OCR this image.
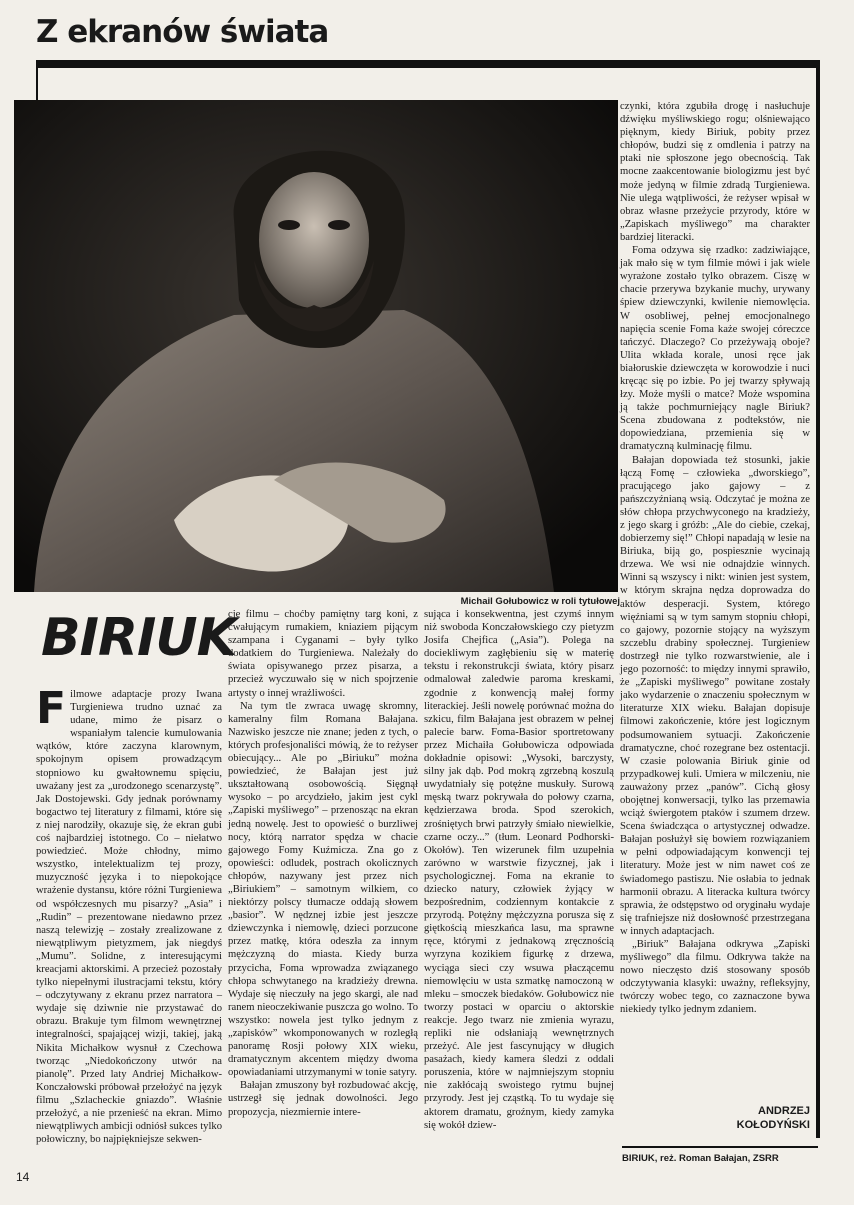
Z ekranów świata
Michail Gołubowicz w roli tytułowej
BIRIUK

Filmowe adaptacje prozy Iwana Turgieniewa trudno uznać za udane, mimo że pisarz o wspaniałym talencie kumulowania wątków, które zaczyna klarownym, spokojnym opisem prowadzącym stopniowo ku gwałtownemu spięciu, uważany jest za „urodzonego scenarzystę”. Jak Dostojewski. Gdy jednak porównamy bogactwo tej literatury z filmami, które się z niej narodziły, okazuje się, że ekran gubi coś najbardziej istotnego. Co – niełatwo powiedzieć. Może chłodny, mimo wszystko, intelektualizm tej prozy, muzyczność języka i to niepokojące wrażenie dystansu, które różni Turgieniewa od współczesnych mu pisarzy? „Asia” i „Rudin” – prezentowane niedawno przez naszą telewizję – zostały zrealizowane z niewątpliwym pietyzmem, jak niegdyś „Mumu”. Solidne, z interesującymi kreacjami aktorskimi. A przecież pozostały tylko niepełnymi ilustracjami tekstu, który – odczytywany z ekranu przez narratora – wydaje się dziwnie nie przystawać do obrazu. Brakuje tym filmom wewnętrznej integralności, spajającej wizji, takiej, jaką Nikita Michałkow wysnuł z Czechowa tworząc „Niedokończony utwór na pianolę”. Przed laty Andriej Michałkow-Konczałowski próbował przełożyć na język filmu „Szlacheckie gniazdo”. Właśnie przełożyć, a nie przenieść na ekran. Mimo niewątpliwych ambicji odniósł sukces tylko połowiczny, bo najpiękniejsze sekwen-

cje filmu – choćby pamiętny targ koni, z cwałującym rumakiem, kniaziem pijącym szampana i Cyganami – były tylko dodatkiem do Turgieniewa. Należały do świata opisywanego przez pisarza, a przecież wyczuwało się w nich spojrzenie artysty o innej wrażliwości.

Na tym tle zwraca uwagę skromny, kameralny film Romana Bałajana. Nazwisko jeszcze nie znane; jeden z tych, o których profesjonaliści mówią, że to reżyser obiecujący... Ale po „Biriuku” można powiedzieć, że Bałajan jest już ukształtowaną osobowością. Sięgnął wysoko – po arcydzieło, jakim jest cykl „Zapiski myśliwego” – przenosząc na ekran jedną nowelę. Jest to opowieść o burzliwej nocy, którą narrator spędza w chacie gajowego Fomy Kuźmicza. Zna go z opowieści: odludek, postrach okolicznych chłopów, nazywany jest przez nich „Biriukiem” – samotnym wilkiem, co niektórzy polscy tłumacze oddają słowem „basior”. W nędznej izbie jest jeszcze dziewczynka i niemowlę, dzieci porzucone przez matkę, która odeszła za innym mężczyzną do miasta. Kiedy burza przycicha, Foma wprowadza związanego chłopa schwytanego na kradzieży drewna. Wydaje się nieczuły na jego skargi, ale nad ranem nieoczekiwanie puszcza go wolno. To wszystko: nowela jest tylko jednym z „zapisków” wkomponowanych w rozległą panoramę Rosji połowy XIX wieku, dramatycznym akcentem między dwoma opowiadaniami utrzymanymi w tonie satyry.

Bałajan zmuszony był rozbudować akcję, ustrzegł się jednak dowolności. Jego propozycja, niezmiernie intere-

sująca i konsekwentna, jest czymś innym niż swoboda Konczałowskiego czy pietyzm Josifa Chejfica („Asia”). Polega na dociekliwym zagłębieniu się w materię tekstu i rekonstrukcji świata, który pisarz odmalował zaledwie paroma kreskami, zgodnie z konwencją małej formy literackiej. Jeśli nowelę porównać można do szkicu, film Bałajana jest obrazem w pełnej palecie barw. Foma-Basior sportretowany przez Michaiła Gołubowicza odpowiada dokładnie opisowi: „Wysoki, barczysty, silny jak dąb. Pod mokrą zgrzebną koszulą uwydatniały się potężne muskuły. Surową męską twarz pokrywała do połowy czarna, kędzierzawa broda. Spod szerokich, zrośniętych brwi patrzyły śmiało niewielkie, czarne oczy...” (tłum. Leonard Podhorski-Okołów). Ten wizerunek film uzupełnia zarówno w warstwie fizycznej, jak i psychologicznej. Foma na ekranie to dziecko natury, człowiek żyjący w bezpośrednim, codziennym kontakcie z przyrodą. Potężny mężczyzna porusza się z giętkością mieszkańca lasu, ma sprawne ręce, którymi z jednakową zręcznością wyrzyna kozikiem figurkę z drzewa, wyciąga sieci czy wsuwa płaczącemu niemowlęciu w usta szmatkę namoczoną w mleku – smoczek biedaków. Gołubowicz nie tworzy postaci w oparciu o aktorskie reakcje. Jego twarz nie zmienia wyrazu, repliki nie odsłaniają wewnętrznych przeżyć. Ale jest fascynujący w długich pasażach, kiedy kamera śledzi z oddali poruszenia, które w najmniejszym stopniu nie zakłócają swoistego rytmu bujnej przyrody. Jest jej cząstką. To tu wydaje się aktorem dramatu, groźnym, kiedy zamyka się wokół dziew-

czynki, która zgubiła drogę i nasłuchuje dźwięku myśliwskiego rogu; olśniewająco pięknym, kiedy Biriuk, pobity przez chłopów, budzi się z omdlenia i patrzy na ptaki nie spłoszone jego obecnością. Tak mocne zaakcentowanie biologizmu jest być może jedyną w filmie zdradą Turgieniewa. Nie ulega wątpliwości, że reżyser wpisał w obraz własne przeżycie przyrody, które w „Zapiskach myśliwego” ma charakter bardziej literacki.

Foma odzywa się rzadko: zadziwiające, jak mało się w tym filmie mówi i jak wiele wyrażone zostało tylko obrazem. Ciszę w chacie przerywa bzykanie muchy, urywany śpiew dziewczynki, kwilenie niemowlęcia. W osobliwej, pełnej emocjonalnego napięcia scenie Foma każe swojej córeczce tańczyć. Dlaczego? Co przeżywają oboje? Ulita wkłada korale, unosi ręce jak białoruskie dziewczęta w korowodzie i nuci kręcąc się po izbie. Po jej twarzy spływają łzy. Może myśli o matce? Może wspomina ją także pochmurniejący nagle Biriuk? Scena zbudowana z podtekstów, nie dopowiedziana, przemienia się w dramatyczną kulminację filmu.

Bałajan dopowiada też stosunki, jakie łączą Fomę – człowieka „dworskiego”, pracującego jako gajowy – z pańszczyźnianą wsią. Odczytać je można ze słów chłopa przychwyconego na kradzieży, z jego skarg i gróźb: „Ale do ciebie, czekaj, dobierzemy się!” Chłopi napadają w lesie na Biriuka, biją go, pospiesznie wycinają drzewa. We wsi nie odnajdzie winnych. Winni są wszyscy i nikt: winien jest system, w którym skrajna nędza doprowadza do aktów desperacji. System, którego więźniami są w tym samym stopniu chłopi, co gajowy, pozornie stojący na wyższym szczeblu drabiny społecznej. Turgieniew dostrzegł nie tylko rozwarstwienie, ale i jego pozorność: to między innymi sprawiło, że „Zapiski myśliwego” powitane zostały jako wydarzenie o znaczeniu społecznym w literaturze XIX wieku. Bałajan dopisuje filmowi zakończenie, które jest logicznym podsumowaniem sytuacji. Zakończenie dramatyczne, choć rozegrane bez ostentacji. W czasie polowania Biriuk ginie od przypadkowej kuli. Umiera w milczeniu, nie zauważony przez „panów”. Cichą głosy obojętnej konwersacji, tylko las przemawia wciąż świergotem ptaków i szumem drzew. Scena świadcząca o artystycznej odwadze. Bałajan posłużył się bowiem rozwiązaniem w pełni odpowiadającym konwencji tej literatury. Może jest w nim nawet coś ze świadomego pastiszu. Nie osłabia to jednak harmonii obrazu. A literacka kultura twórcy sprawia, że odstępstwo od oryginału wydaje się trafniejsze niż dosłowność przestrzegana w innych adaptacjach.

„Biriuk” Bałajana odkrywa „Zapiski myśliwego” dla filmu. Odkrywa także na nowo nieczęsto dziś stosowany sposób odczytywania klasyki: uważny, refleksyjny, twórczy wobec tego, co zaznaczone bywa niekiedy tylko jednym zdaniem.

ANDRZEJ
KOŁODYŃSKI
BIRIUK, reż. Roman Bałajan, ZSRR
14
